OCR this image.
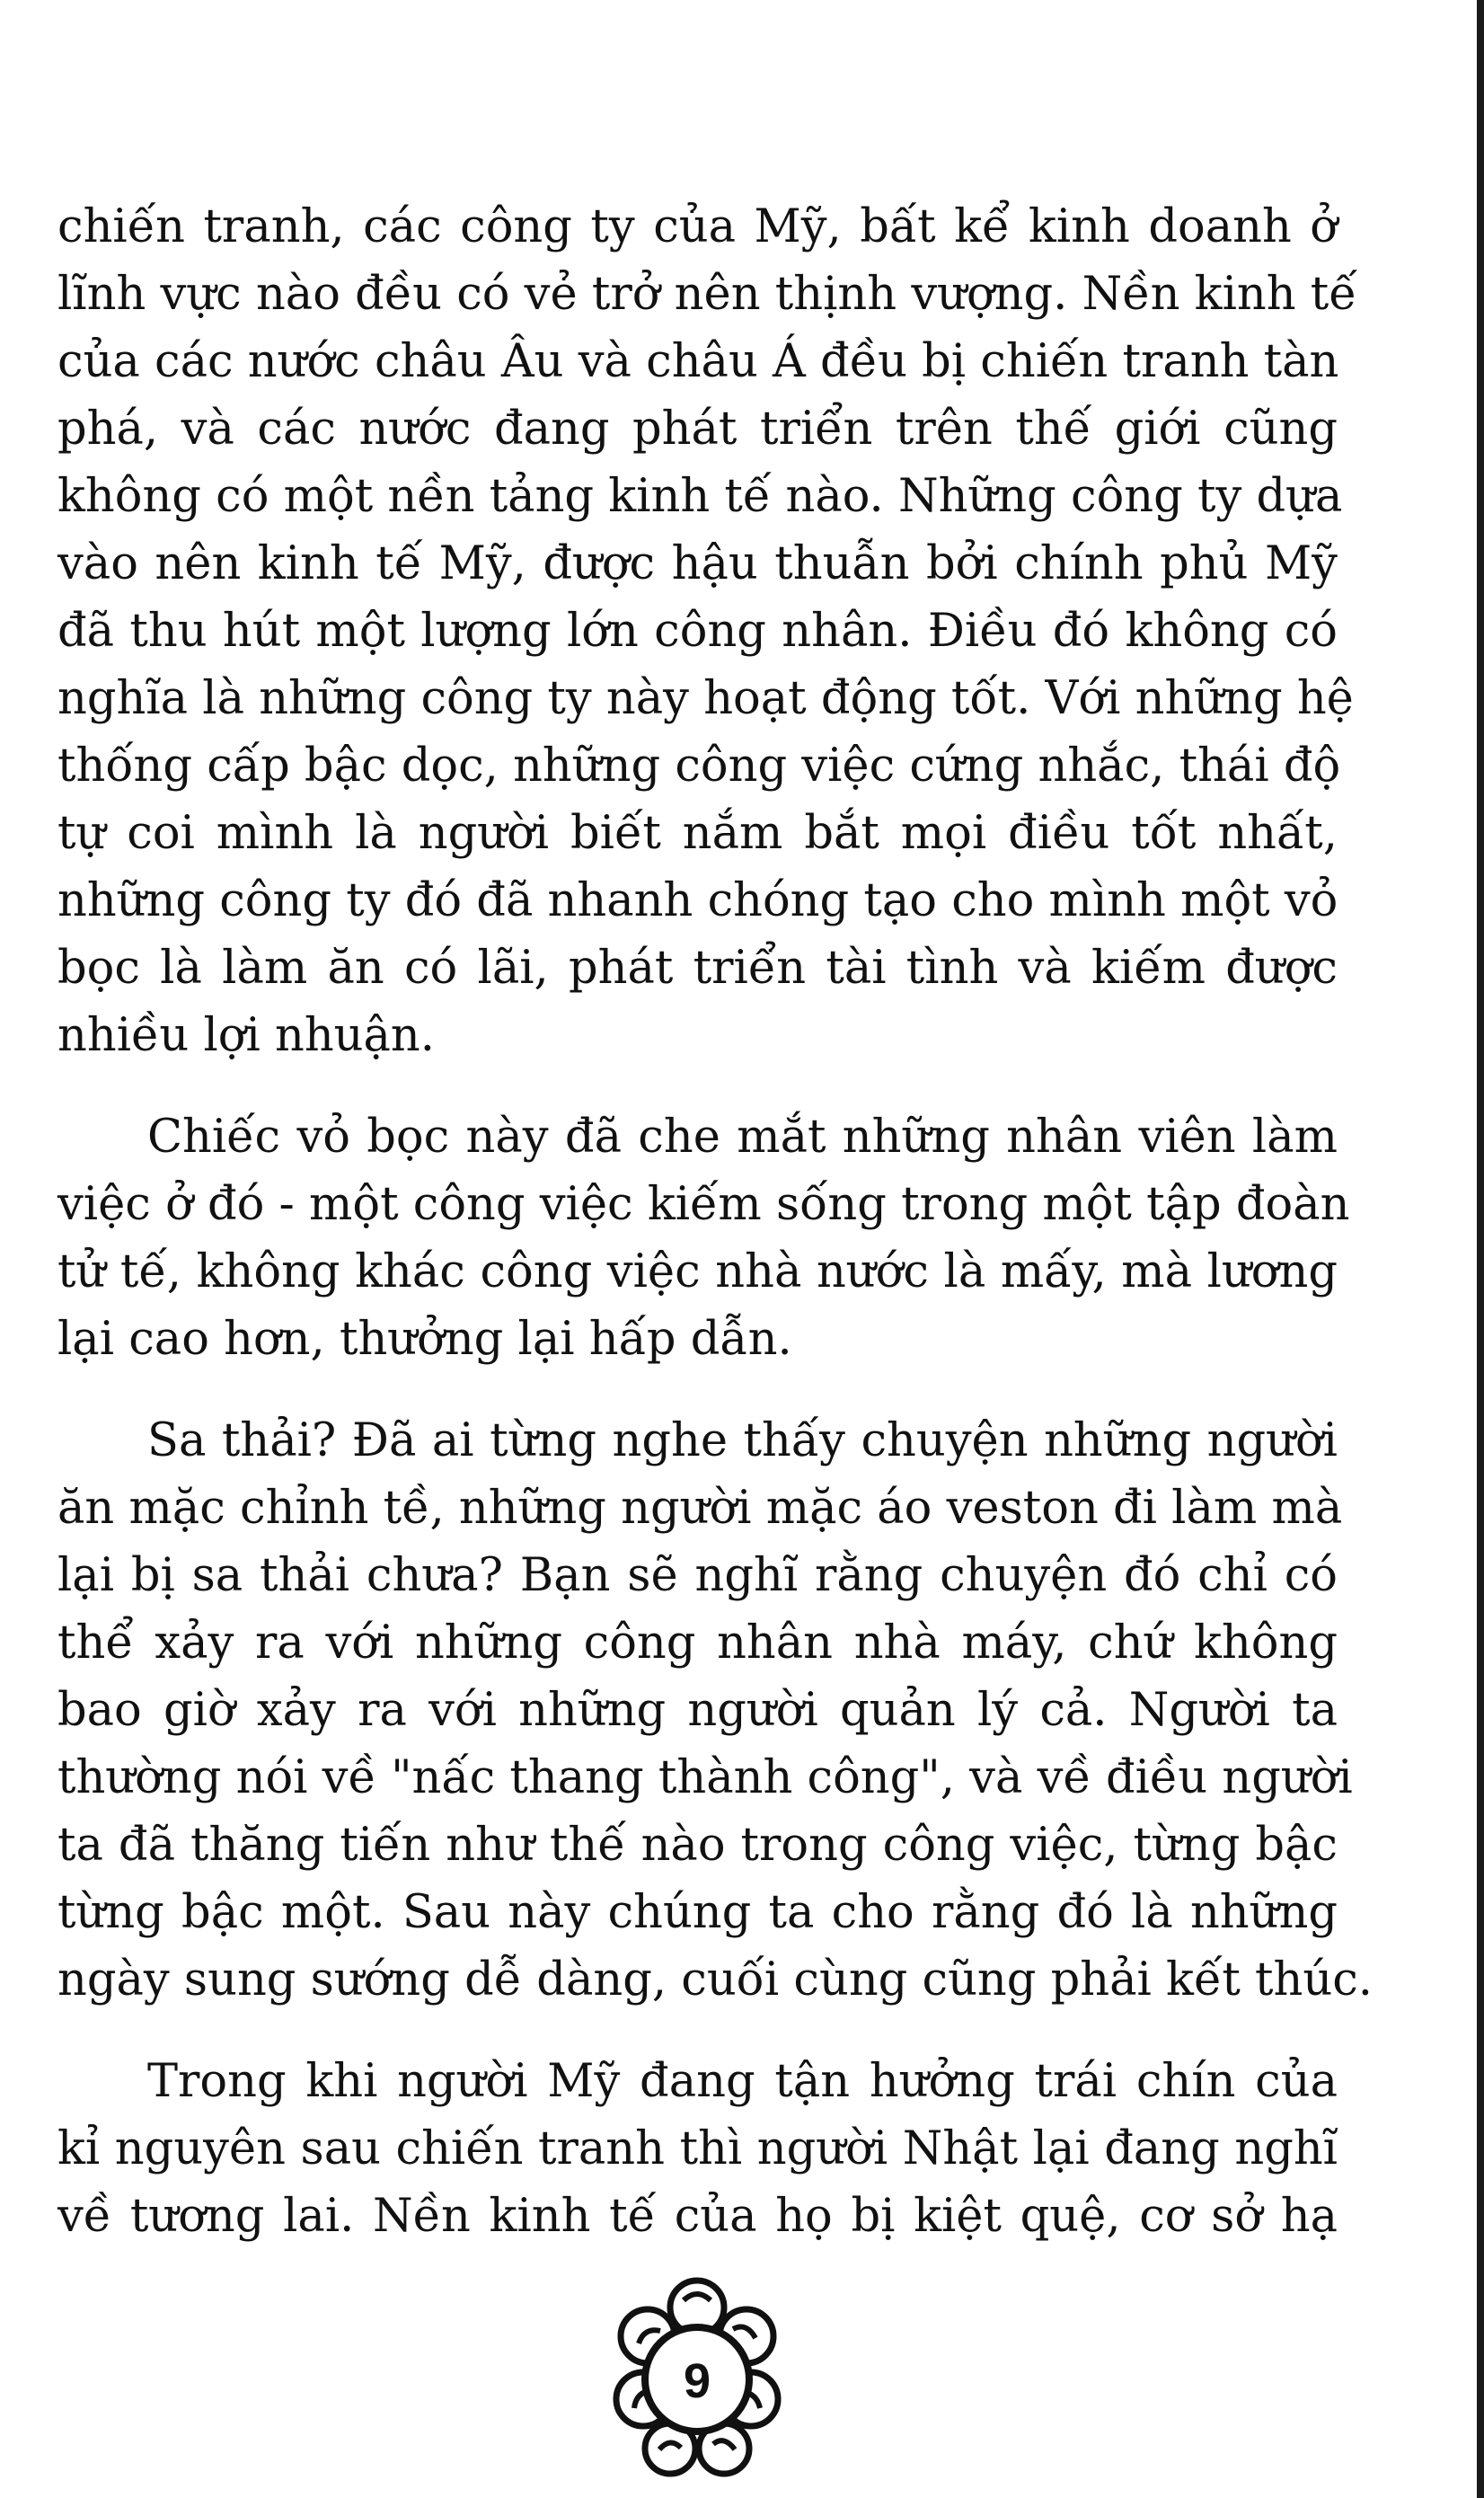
chiến tranh, các công ty của Mỹ, bất kể kinh doanh ở
lĩnh vực nào đều có vẻ trở nên thịnh vượng. Nền kinh tế
của các nước châu Âu và châu Á đều bị chiến tranh tàn
phá, và các nước đang phát triển trên thế giới cũng
không có một nền tảng kinh tế nào. Những công ty dựa
vào nên kinh tế Mỹ, được hậu thuẫn bởi chính phủ Mỹ
đã thu hút một lượng lớn công nhân. Điều đó không có
nghĩa là những công ty này hoạt động tốt. Với những hệ
thống cấp bậc dọc, những công việc cứng nhắc, thái độ
tự coi mình là người biết nắm bắt mọi điều tốt nhất,
những công ty đó đã nhanh chóng tạo cho mình một vỏ
bọc là làm ăn có lãi, phát triển tài tình và kiếm được
nhiều lợi nhuận.

Chiếc vỏ bọc này đã che mắt những nhân viên làm
việc ở đó - một công việc kiếm sống trong một tập đoàn
tử tế, không khác công việc nhà nước là mấy, mà lương
lại cao hơn, thưởng lại hấp dẫn.

Sa thải? Đã ai từng nghe thấy chuyện những người
ăn mặc chỉnh tề, những người mặc áo veston đi làm mà
lại bị sa thải chưa? Bạn sẽ nghĩ rằng chuyện đó chỉ có
thể xảy ra với những công nhân nhà máy, chứ không
bao giờ xảy ra với những người quản lý cả. Người ta
thường nói về "nấc thang thành công", và về điều người
ta đã thăng tiến như thế nào trong công việc, từng bậc
từng bậc một. Sau này chúng ta cho rằng đó là những
ngày sung sướng dễ dàng, cuối cùng cũng phải kết thúc.

Trong khi người Mỹ đang tận hưởng trái chín của
kỉ nguyên sau chiến tranh thì người Nhật lại đang nghĩ
về tương lai. Nền kinh tế của họ bị kiệt quệ, cơ sở hạ

9
